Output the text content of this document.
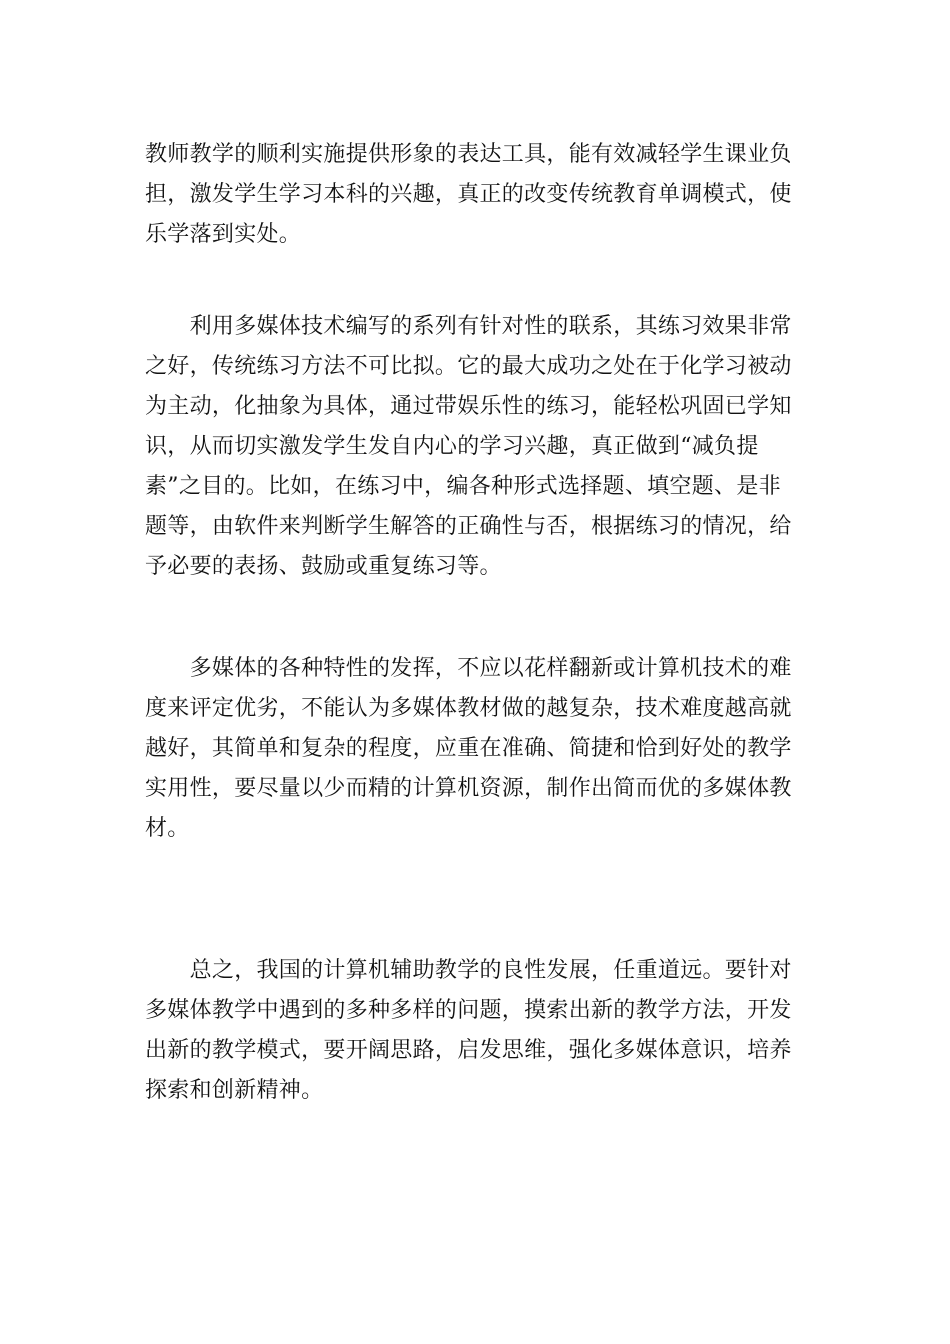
教师教学的顺利实施提供形象的表达工具，能有效减轻学生课业负
担，激发学生学习本科的兴趣，真正的改变传统教育单调模式，使
乐学落到实处。
　　利用多媒体技术编写的系列有针对性的联系，其练习效果非常
之好，传统练习方法不可比拟。它的最大成功之处在于化学习被动
为主动，化抽象为具体，通过带娱乐性的练习，能轻松巩固已学知
识，从而切实激发学生发自内心的学习兴趣，真正做到“减负提
素”之目的。比如，在练习中，编各种形式选择题、填空题、是非
题等，由软件来判断学生解答的正确性与否，根据练习的情况，给
予必要的表扬、鼓励或重复练习等。
　　多媒体的各种特性的发挥，不应以花样翻新或计算机技术的难
度来评定优劣，不能认为多媒体教材做的越复杂，技术难度越高就
越好，其简单和复杂的程度，应重在准确、简捷和恰到好处的教学
实用性，要尽量以少而精的计算机资源，制作出简而优的多媒体教
材。
　　总之，我国的计算机辅助教学的良性发展，任重道远。要针对
多媒体教学中遇到的多种多样的问题，摸索出新的教学方法，开发
出新的教学模式，要开阔思路，启发思维，强化多媒体意识，培养
探索和创新精神。
